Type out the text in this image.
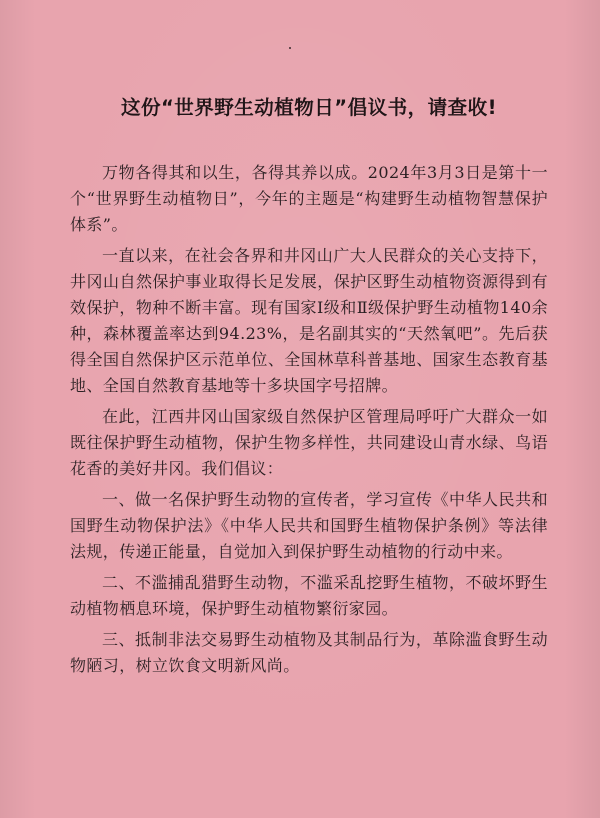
这份“世界野生动植物日”倡议书，请查收!

万物各得其和以生，各得其养以成。2024年3月3日是第十一个“世界野生动植物日”，今年的主题是“构建野生动植物智慧保护体系”。

一直以来，在社会各界和井冈山广大人民群众的关心支持下，井冈山自然保护事业取得长足发展，保护区野生动植物资源得到有效保护，物种不断丰富。现有国家Ⅰ级和Ⅱ级保护野生动植物140余种，森林覆盖率达到94.23%，是名副其实的“天然氧吧”。先后获得全国自然保护区示范单位、全国林草科普基地、国家生态教育基地、全国自然教育基地等十多块国字号招牌。

在此，江西井冈山国家级自然保护区管理局呼吁广大群众一如既往保护野生动植物，保护生物多样性，共同建设山青水绿、鸟语花香的美好井冈。我们倡议：

一、做一名保护野生动物的宣传者，学习宣传《中华人民共和国野生动物保护法》《中华人民共和国野生植物保护条例》等法律法规，传递正能量，自觉加入到保护野生动植物的行动中来。

二、不滥捕乱猎野生动物，不滥采乱挖野生植物，不破坏野生动植物栖息环境，保护野生动植物繁衍家园。

三、抵制非法交易野生动植物及其制品行为，革除滥食野生动物陋习，树立饮食文明新风尚。
